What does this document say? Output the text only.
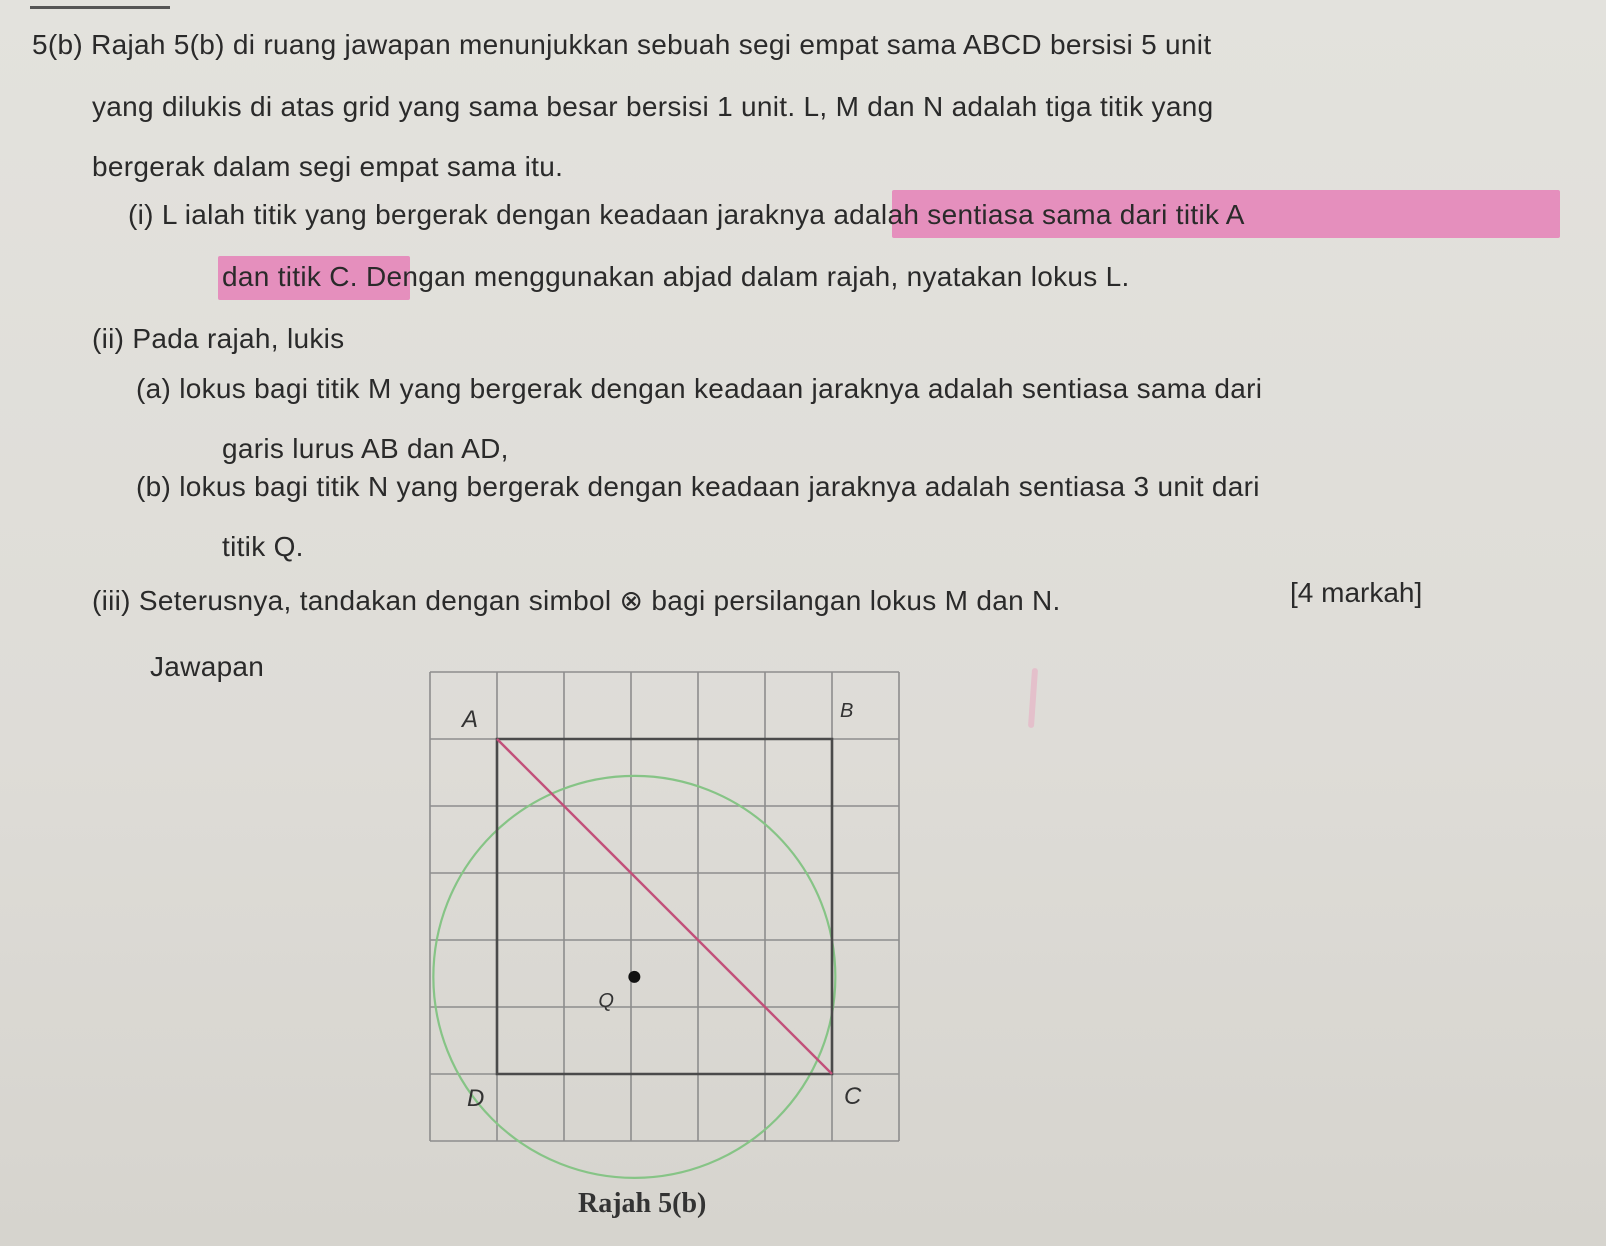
5(b) Rajah 5(b) di ruang jawapan menunjukkan sebuah segi empat sama ABCD bersisi 5 unit
yang dilukis di atas grid yang sama besar bersisi 1 unit. L, M dan N adalah tiga titik yang
bergerak dalam segi empat sama itu.
(i) L ialah titik yang bergerak dengan keadaan jaraknya adalah sentiasa sama dari titik A
dan titik C. Dengan menggunakan abjad dalam rajah, nyatakan lokus L.
(ii) Pada rajah, lukis
(a) lokus bagi titik M yang bergerak dengan keadaan jaraknya adalah sentiasa sama dari
garis lurus AB dan AD,
(b) lokus bagi titik N yang bergerak dengan keadaan jaraknya adalah sentiasa 3 unit dari
titik Q.
(iii) Seterusnya, tandakan dengan simbol ⊗ bagi persilangan lokus M dan N.	[4 markah]
Jawapan
A	B
C
D
Q
Rajah 5(b)
